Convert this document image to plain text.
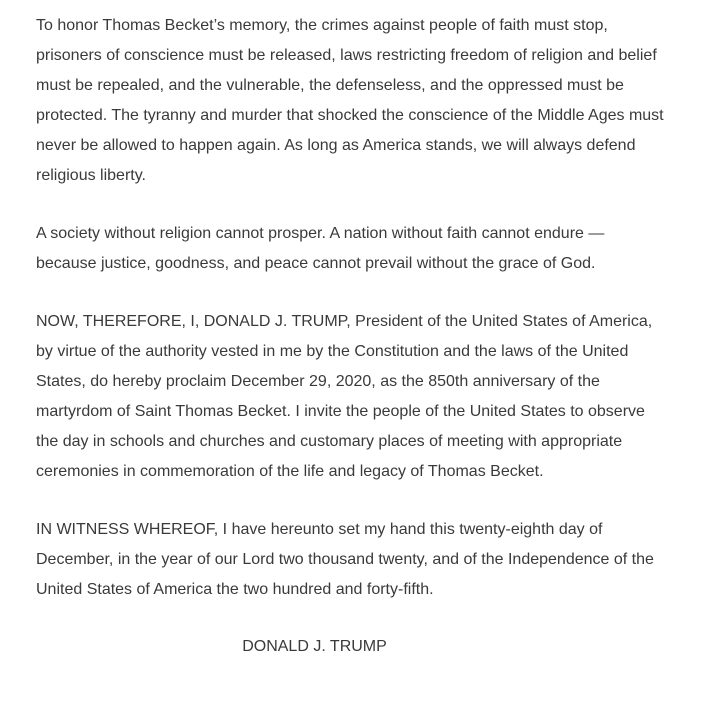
To honor Thomas Becket’s memory, the crimes against people of faith must stop, prisoners of conscience must be released, laws restricting freedom of religion and belief must be repealed, and the vulnerable, the defenseless, and the oppressed must be protected. The tyranny and murder that shocked the conscience of the Middle Ages must never be allowed to happen again. As long as America stands, we will always defend religious liberty.

A society without religion cannot prosper. A nation without faith cannot endure — because justice, goodness, and peace cannot prevail without the grace of God.

NOW, THEREFORE, I, DONALD J. TRUMP, President of the United States of America, by virtue of the authority vested in me by the Constitution and the laws of the United States, do hereby proclaim December 29, 2020, as the 850th anniversary of the martyrdom of Saint Thomas Becket. I invite the people of the United States to observe the day in schools and churches and customary places of meeting with appropriate ceremonies in commemoration of the life and legacy of Thomas Becket.

IN WITNESS WHEREOF, I have hereunto set my hand this twenty-eighth day of December, in the year of our Lord two thousand twenty, and of the Independence of the United States of America the two hundred and forty-fifth.

DONALD J. TRUMP
